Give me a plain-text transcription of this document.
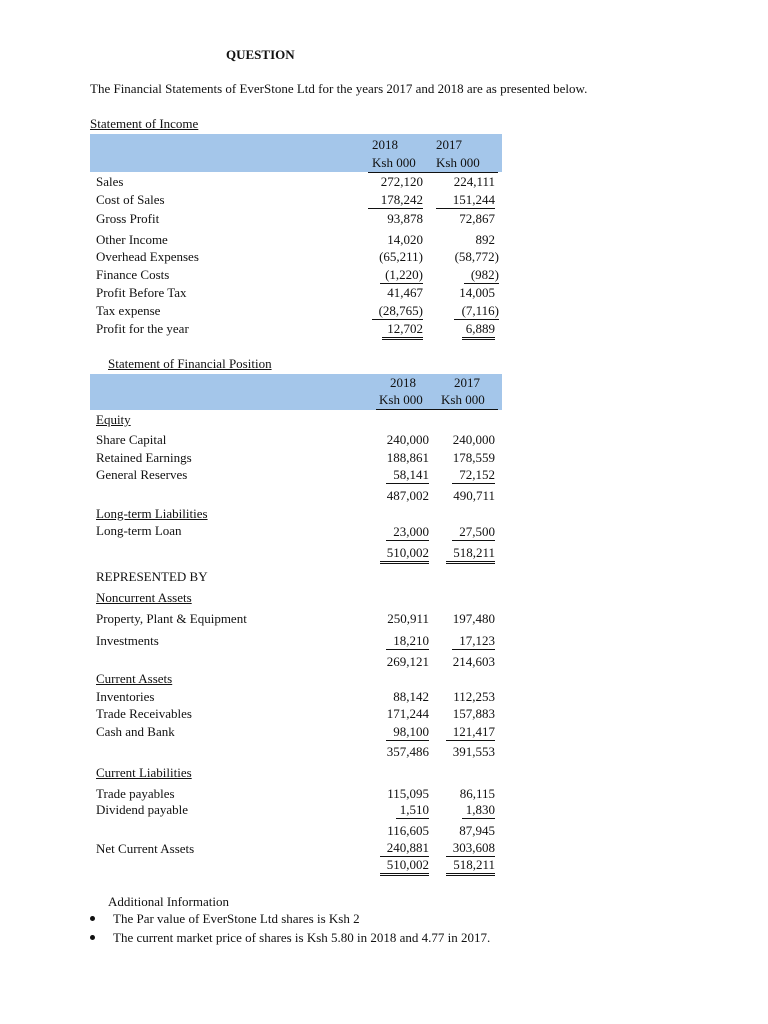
QUESTION
The Financial Statements of EverStone Ltd for the years 2017 and 2018 are as presented below.
Statement of Income
2018	2017
Ksh 000 Ksh 000
Sales	272,120	224,111
Cost of Sales	178,242	151,244
Gross Profit	93,878	72,867
Other Income	14,020	892
Overhead Expenses	(65,211)	(58,772)
Finance Costs	(1,220)	(982)
Profit Before Tax	41,467	14,005
Tax expense	(28,765)	(7,116)
Profit for the year	12,702	6,889
Statement of Financial Position
2018	2017
Ksh 000 Ksh 000
Equity
Share Capital	240,000	240,000
Retained Earnings	188,861	178,559
General Reserves	58,141	72,152
487,002	490,711
Long-term Liabilities
Long-term Loan	23,000	27,500
510,002	518,211
REPRESENTED BY
Noncurrent Assets
Property, Plant & Equipment	250,911	197,480
Investments	18,210	17,123
269,121	214,603
Current Assets
Inventories	88,142	112,253
Trade Receivables	171,244	157,883
Cash and Bank	98,100	121,417
357,486	391,553
Current Liabilities
Trade payables	115,095	86,115
Dividend payable	1,510	1,830
116,605	87,945
Net Current Assets	240,881	303,608
510,002	518,211
Additional Information
The Par value of EverStone Ltd shares is Ksh 2
The current market price of shares is Ksh 5.80 in 2018 and 4.77 in 2017.
